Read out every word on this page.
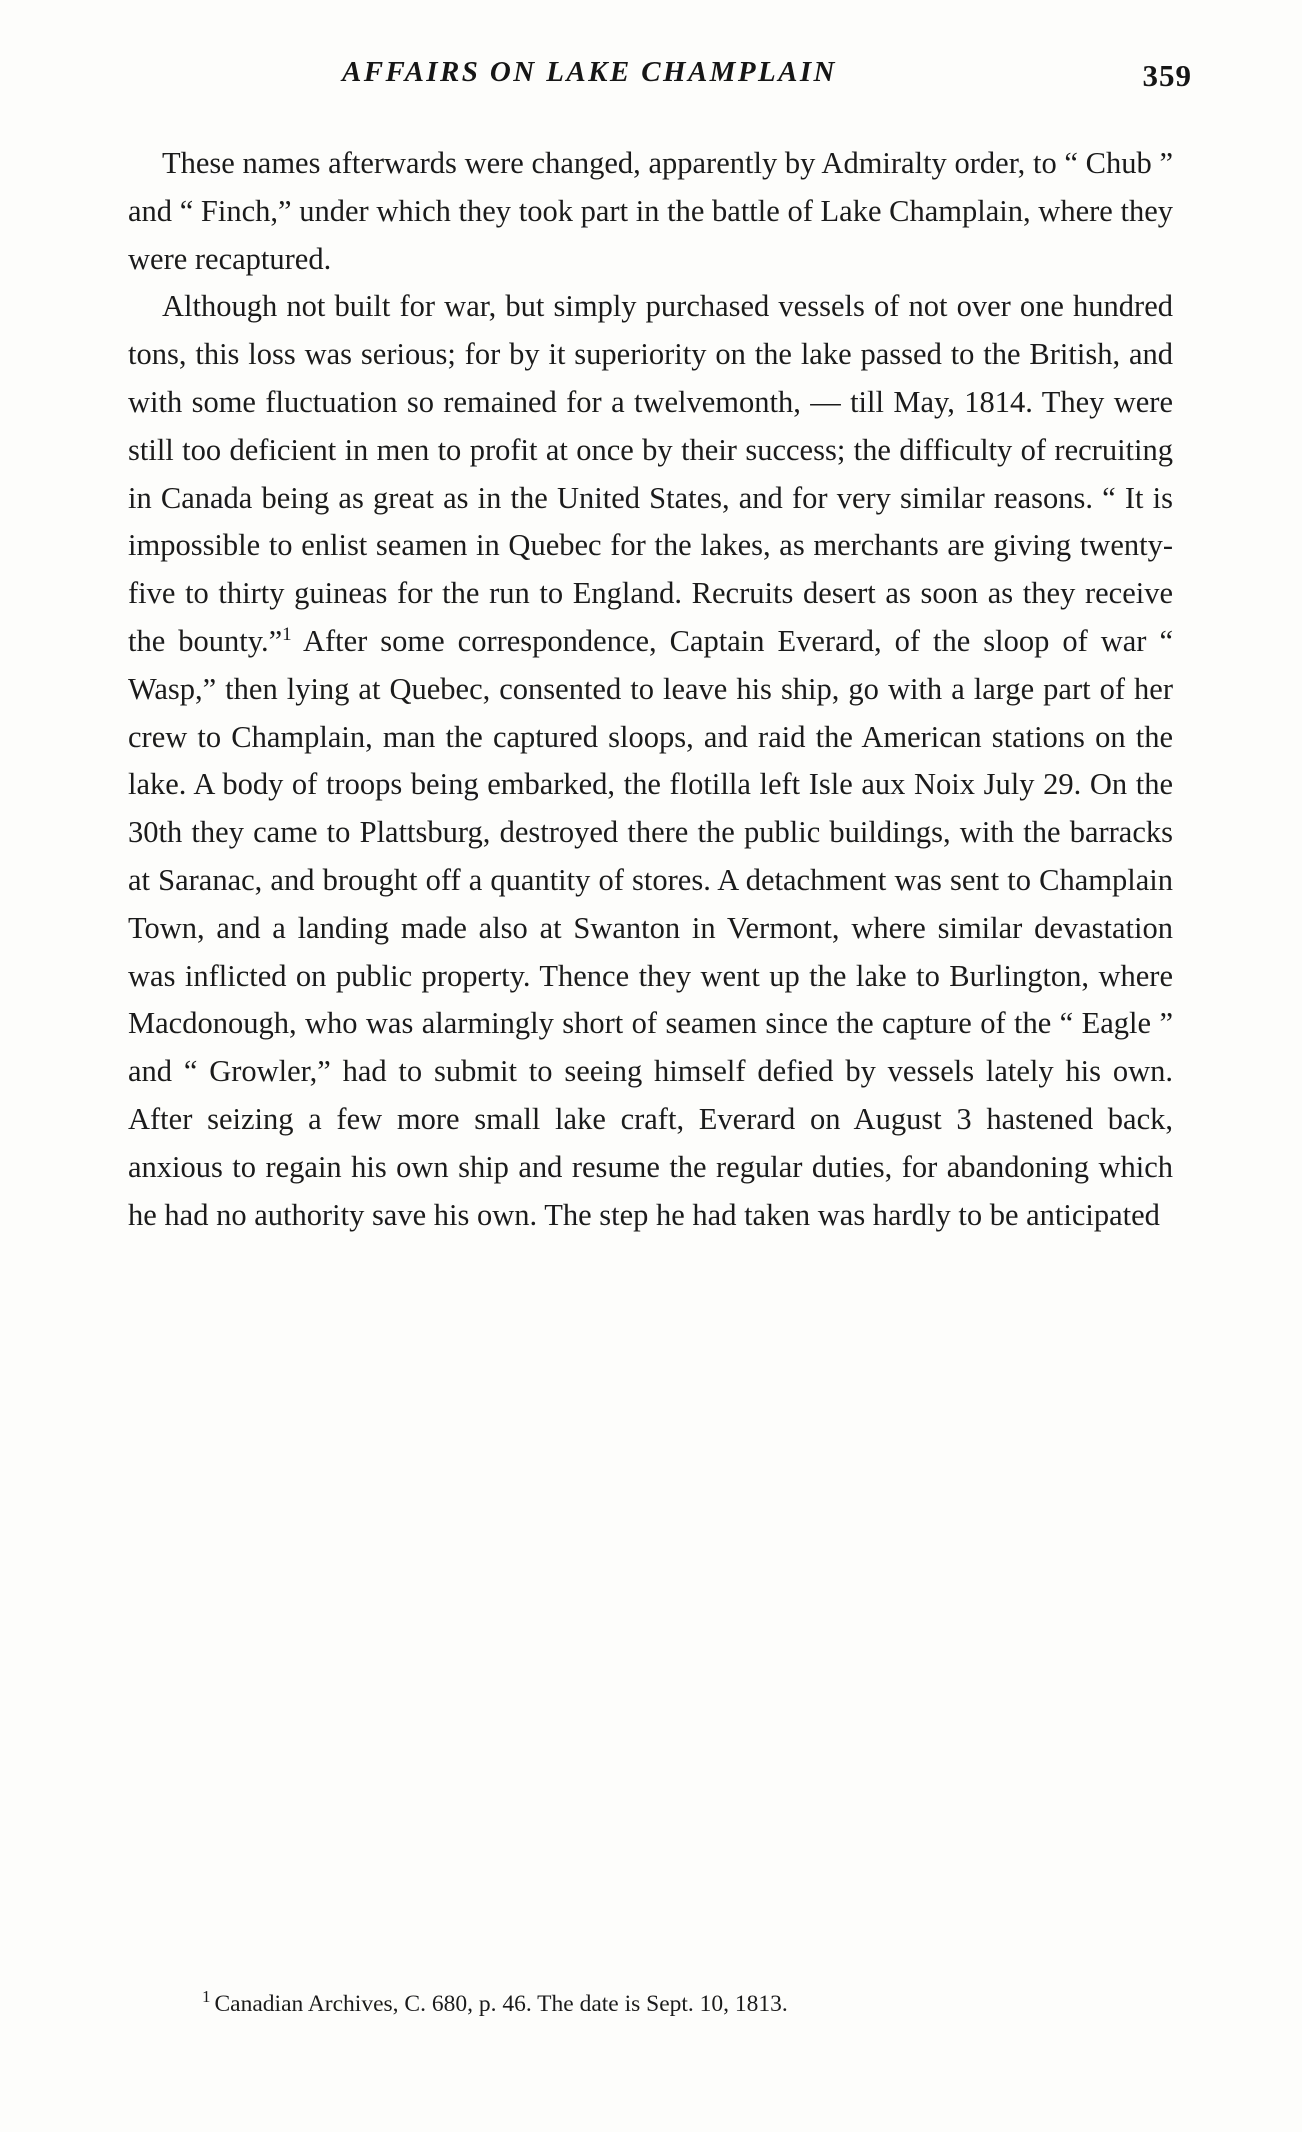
AFFAIRS ON LAKE CHAMPLAIN	359

These names afterwards were changed, apparently by Admiralty order, to “ Chub ” and “ Finch,” under which they took part in the battle of Lake Champlain, where they were recaptured.

Although not built for war, but simply purchased vessels of not over one hundred tons, this loss was serious; for by it superiority on the lake passed to the British, and with some fluctuation so remained for a twelvemonth, — till May, 1814. They were still too deficient in men to profit at once by their success; the difficulty of recruiting in Canada being as great as in the United States, and for very similar reasons. “ It is impossible to enlist seamen in Quebec for the lakes, as merchants are giving twenty-five to thirty guineas for the run to England. Recruits desert as soon as they receive the bounty.”$^1$ After some correspondence, Captain Everard, of the sloop of war “ Wasp,” then lying at Quebec, consented to leave his ship, go with a large part of her crew to Champlain, man the captured sloops, and raid the American stations on the lake. A body of troops being embarked, the flotilla left Isle aux Noix July 29. On the 30th they came to Plattsburg, destroyed there the public buildings, with the barracks at Saranac, and brought off a quantity of stores. A detachment was sent to Champlain Town, and a landing made also at Swanton in Vermont, where similar devastation was inflicted on public property. Thence they went up the lake to Burlington, where Macdonough, who was alarmingly short of seamen since the capture of the “ Eagle ” and “ Growler,” had to submit to seeing himself defied by vessels lately his own. After seizing a few more small lake craft, Everard on August 3 hastened back, anxious to regain his own ship and resume the regular duties, for abandoning which he had no authority save his own. The step he had taken was hardly to be anticipated

$^1$ Canadian Archives, C. 680, p. 46. The date is Sept. 10, 1813.
